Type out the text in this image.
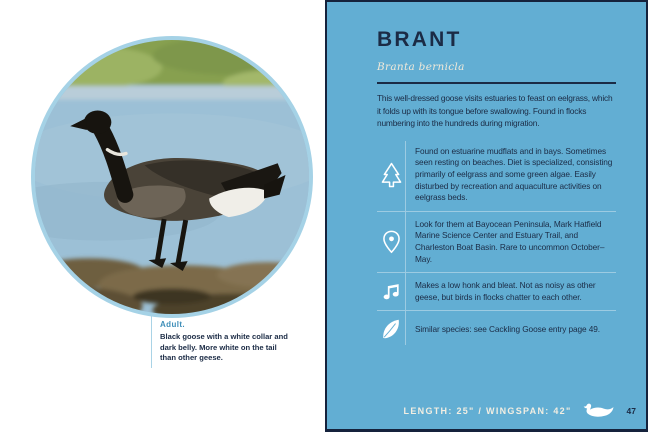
Adult.
Black goose with a white collar and dark belly. More white on the tail than other geese.
BRANT
Branta bernicla
This well-dressed goose visits estuaries to feast on eelgrass, which it folds up with its tongue before swallowing. Found in flocks numbering into the hundreds during migration.
Found on estuarine mudflats and in bays. Sometimes seen resting on beaches. Diet is specialized, consisting primarily of eelgrass and some green algae. Easily disturbed by recreation and aquaculture activities on eelgrass beds.
Look for them at Bayocean Peninsula, Mark Hatfield Marine Science Center and Estuary Trail, and Charleston Boat Basin. Rare to uncommon October–May.
Makes a low honk and bleat. Not as noisy as other geese, but birds in flocks chatter to each other.
Similar species: see Cackling Goose entry page 49.
LENGTH: 25" / WINGSPAN: 42"	47
